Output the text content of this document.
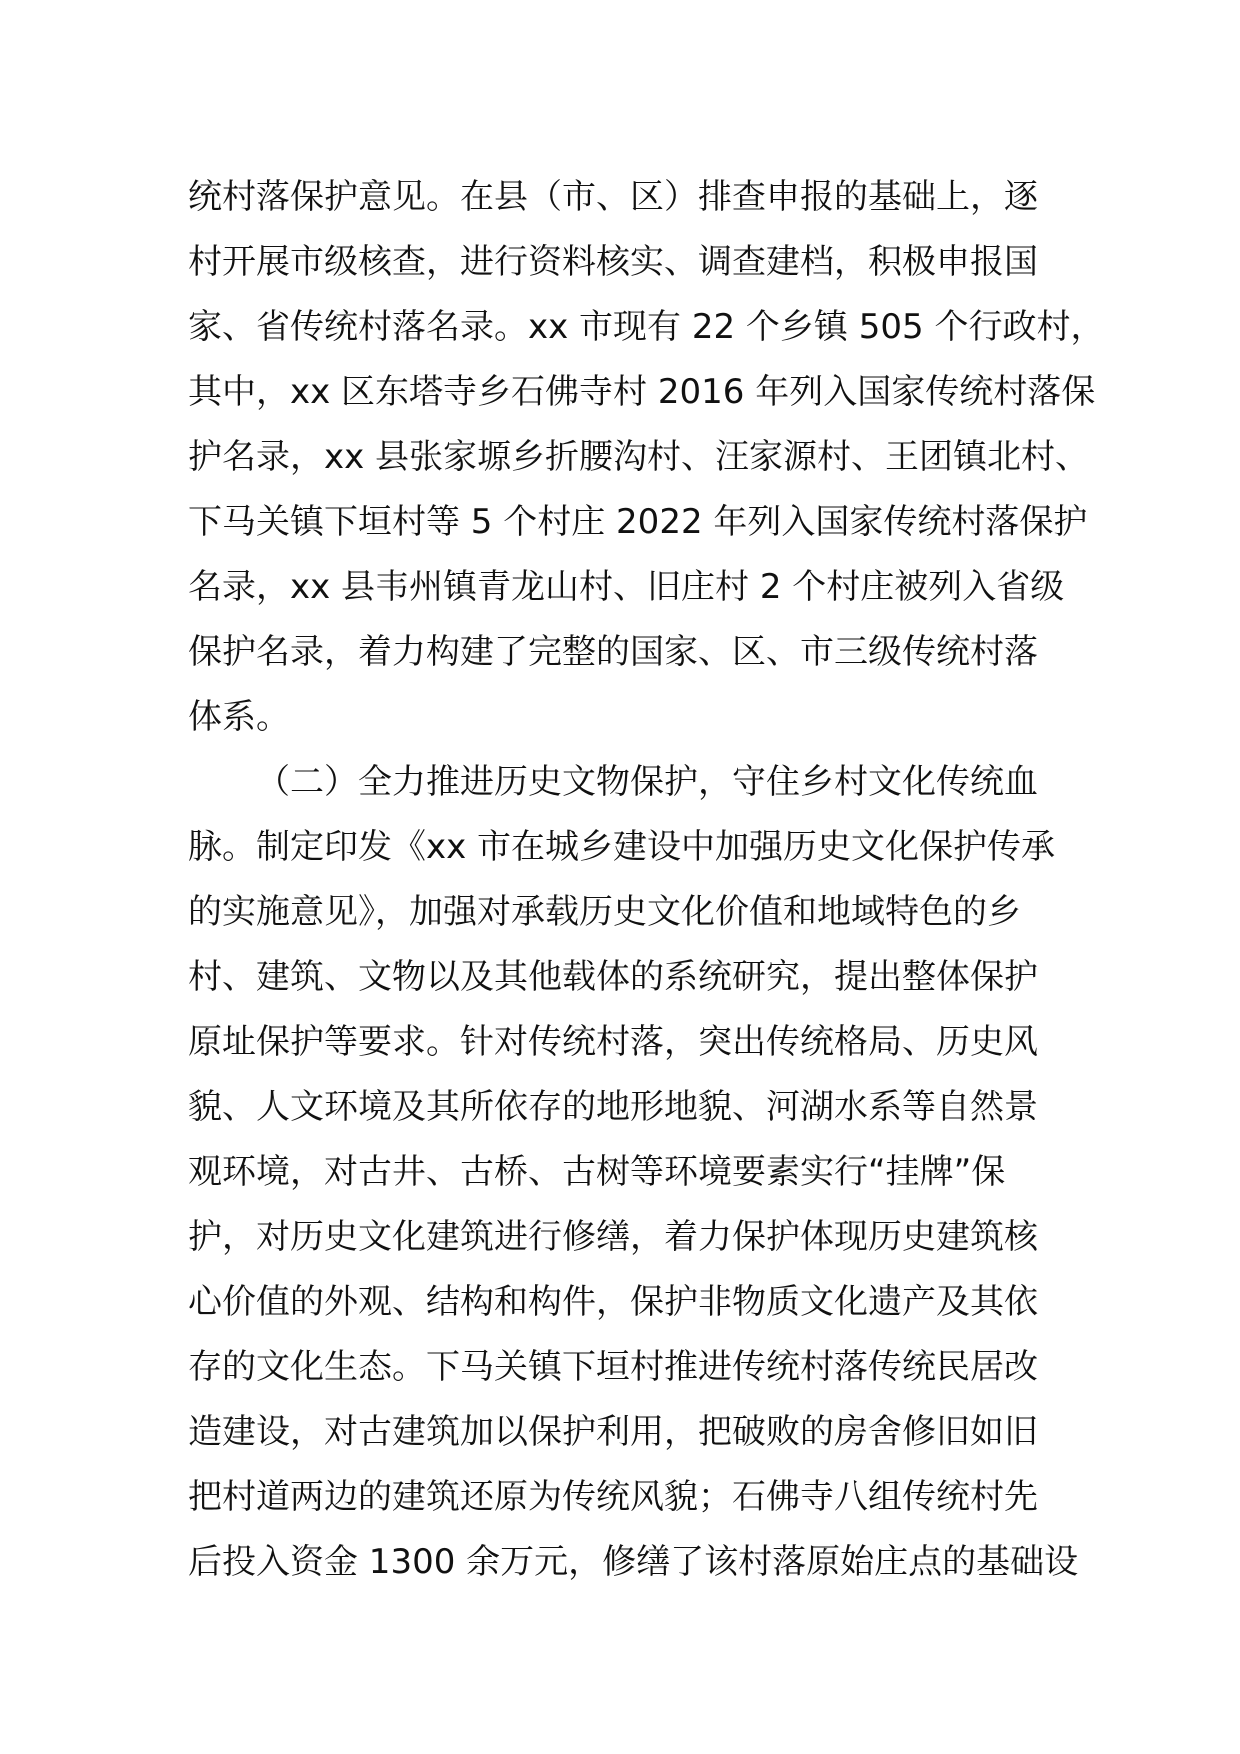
统村落保护意见。在县（市、区）排查申报的基础上，逐
村开展市级核查，进行资料核实、调查建档，积极申报国
家、省传统村落名录。xx 市现有 22 个乡镇 505 个行政村，
其中，xx 区东塔寺乡石佛寺村 2016 年列入国家传统村落保
护名录，xx 县张家塬乡折腰沟村、汪家源村、王团镇北村、
下马关镇下垣村等 5 个村庄 2022 年列入国家传统村落保护
名录，xx 县韦州镇青龙山村、旧庄村 2 个村庄被列入省级
保护名录，着力构建了完整的国家、区、市三级传统村落
体系。
（二）全力推进历史文物保护，守住乡村文化传统血
脉。制定印发《xx 市在城乡建设中加强历史文化保护传承
的实施意见》，加强对承载历史文化价值和地域特色的乡
村、建筑、文物以及其他载体的系统研究，提出整体保护
原址保护等要求。针对传统村落，突出传统格局、历史风
貌、人文环境及其所依存的地形地貌、河湖水系等自然景
观环境，对古井、古桥、古树等环境要素实行“挂牌”保
护，对历史文化建筑进行修缮，着力保护体现历史建筑核
心价值的外观、结构和构件，保护非物质文化遗产及其依
存的文化生态。下马关镇下垣村推进传统村落传统民居改
造建设，对古建筑加以保护利用，把破败的房舍修旧如旧
把村道两边的建筑还原为传统风貌；石佛寺八组传统村先
后投入资金 1300 余万元，修缮了该村落原始庄点的基础设
